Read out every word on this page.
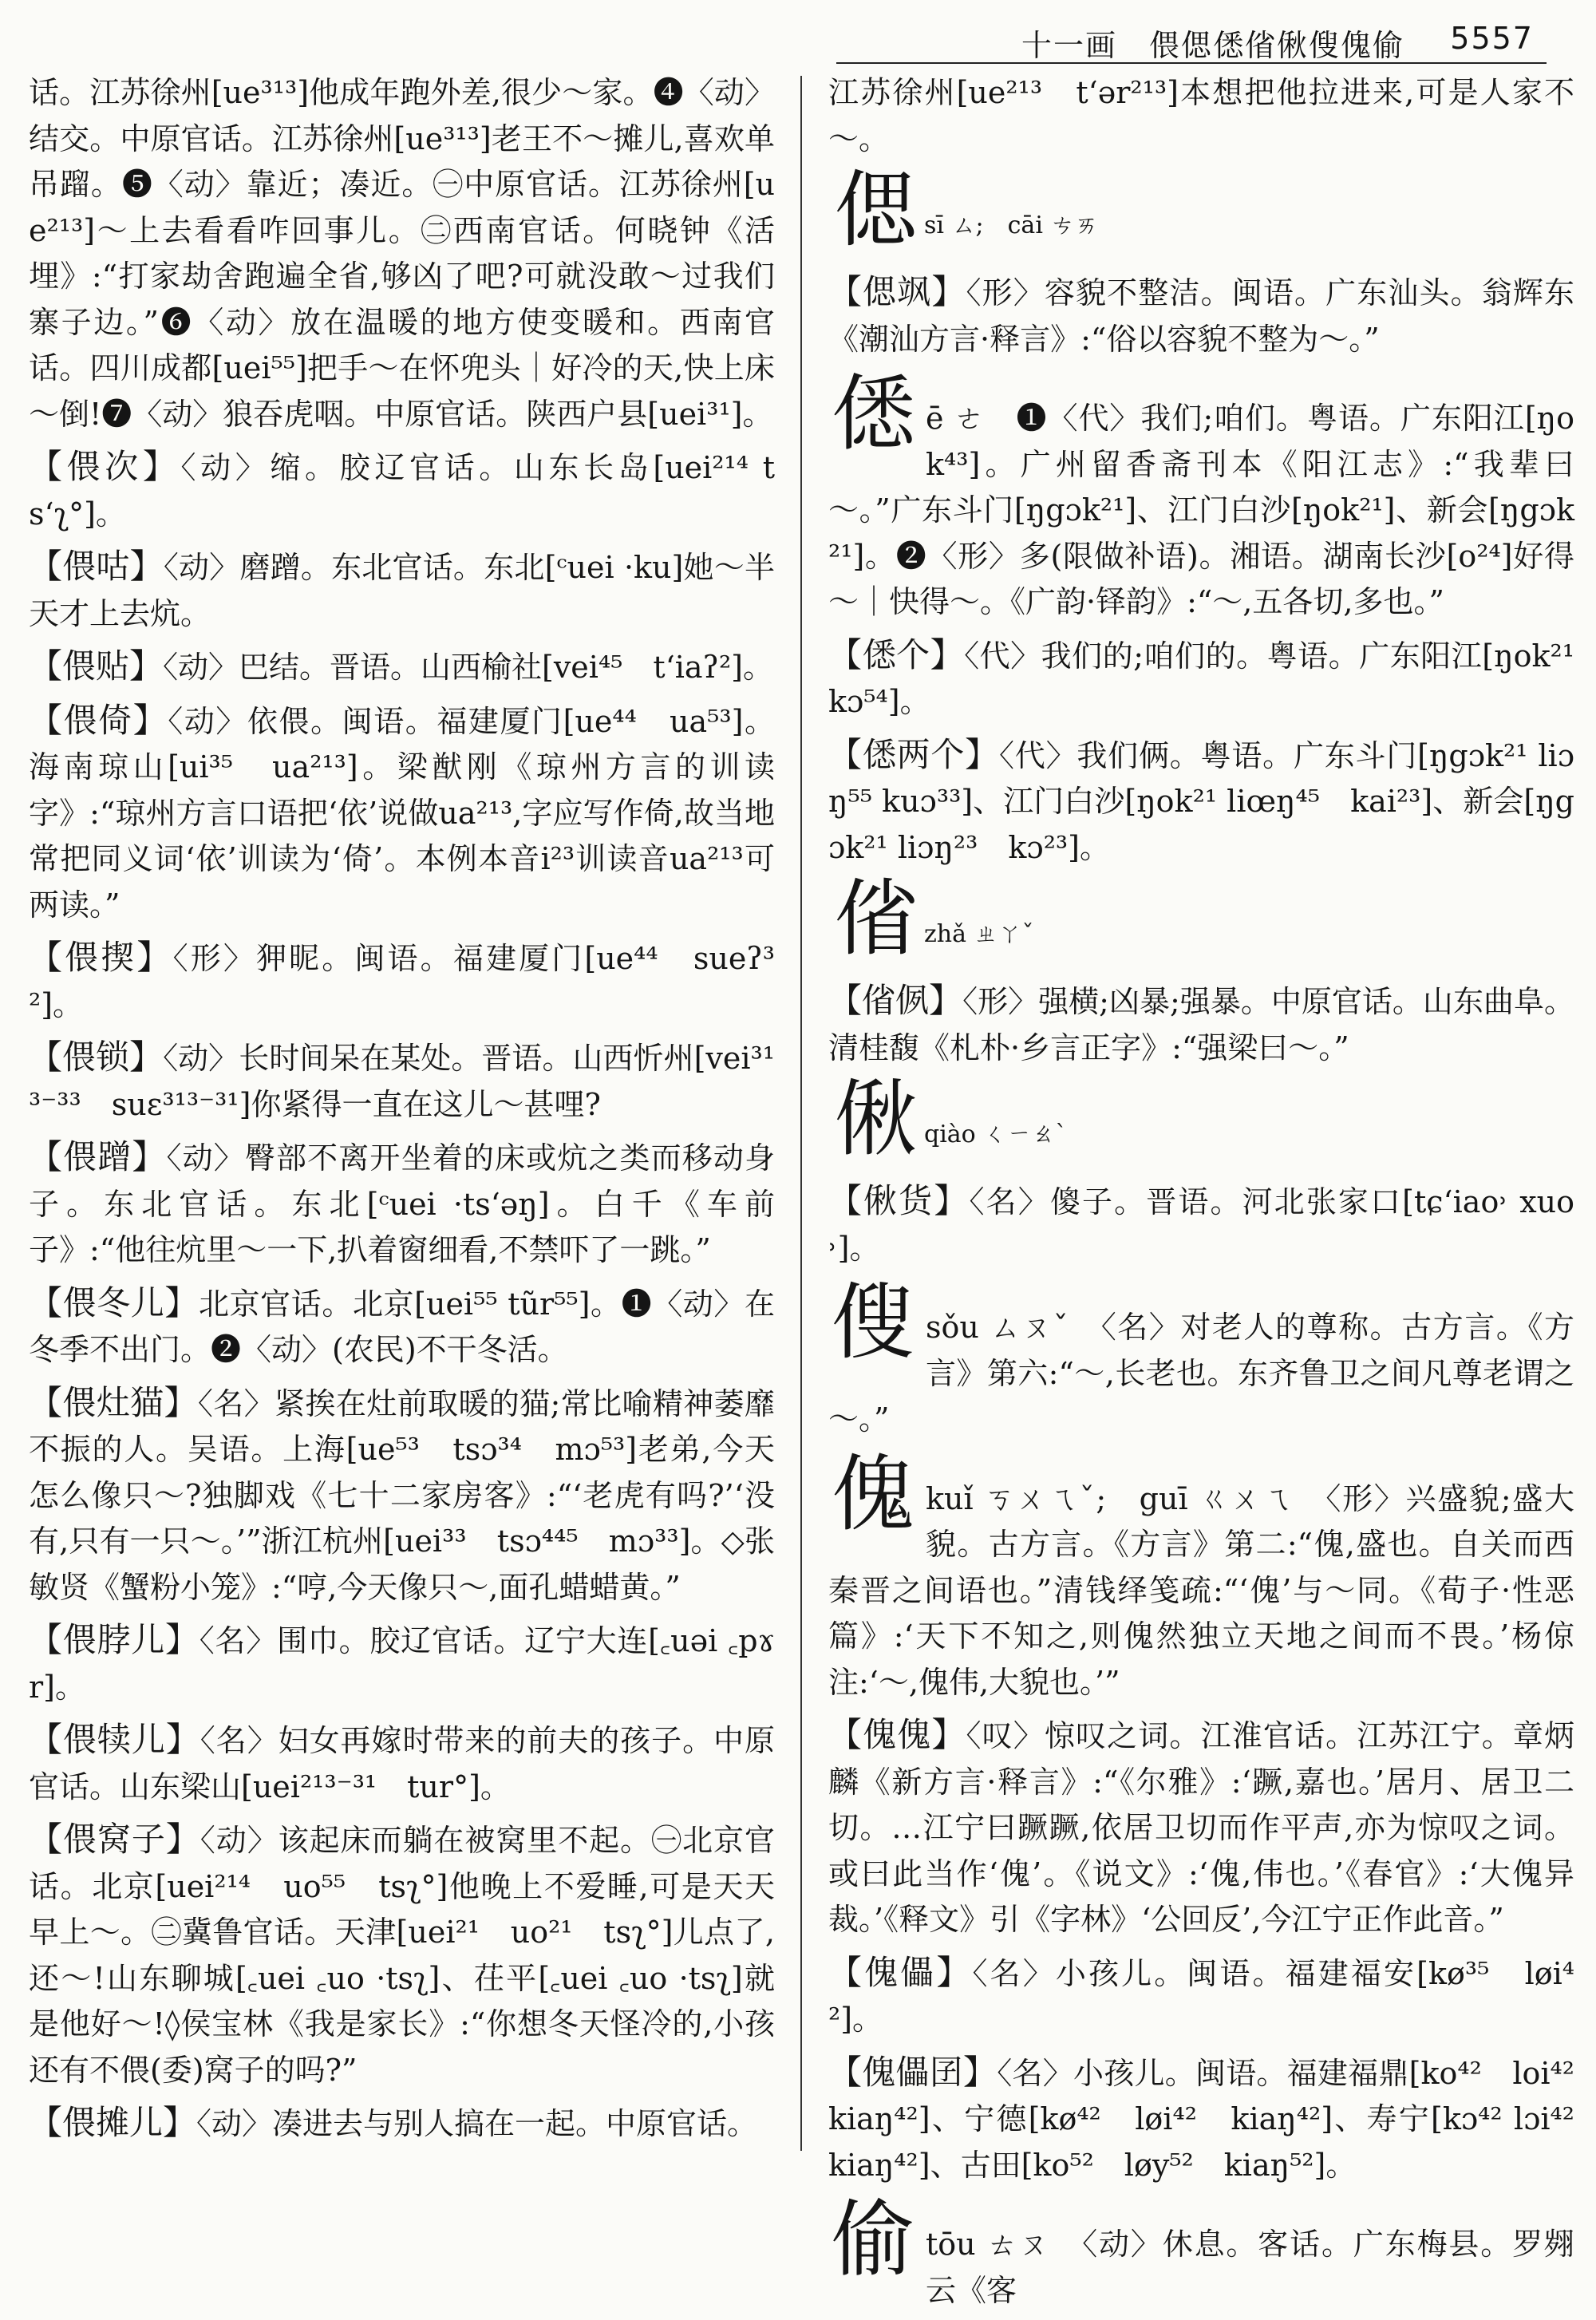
十一画　偎偲僁偗偢傁傀偷 5557

话。江苏徐州[ue³¹³]他成年跑外差,很少～家。❹〈动〉结交。中原官话。江苏徐州[ue³¹³]老王不～摊儿,喜欢单吊蹓。❺〈动〉靠近；凑近。㊀中原官话。江苏徐州[ue²¹³]～上去看看咋回事儿。㊁西南官话。何晓钟《活埋》:“打家劫舍跑遍全省,够凶了吧?可就没敢～过我们寨子边。”❻〈动〉放在温暖的地方使变暖和。西南官话。四川成都[uei⁵⁵]把手～在怀兜头｜好冷的天,快上床～倒!❼〈动〉狼吞虎咽。中原官话。陕西户县[uei³¹]。

【偎次】〈动〉缩。胶辽官话。山东长岛[uei²¹⁴ ts‘ʅ°]。

【偎咕】〈动〉磨蹭。东北官话。东北[ᶜuei ·ku]她～半天才上去炕。

【偎贴】〈动〉巴结。晋语。山西榆社[vei⁴⁵　t‘iaʔ²]。

【偎倚】〈动〉依偎。闽语。福建厦门[ue⁴⁴　ua⁵³]。海南琼山[ui³⁵　ua²¹³]。梁猷刚《琼州方言的训读字》:“琼州方言口语把‘依’说做ua²¹³,字应写作倚,故当地常把同义词‘依’训读为‘倚’。本例本音i²³训读音ua²¹³可两读。”

【偎揳】〈形〉狎昵。闽语。福建厦门[ue⁴⁴　sueʔ³²]。

【偎锁】〈动〉长时间呆在某处。晋语。山西忻州[vei³¹³⁻³³　suɛ³¹³⁻³¹]你紧得一直在这儿～甚哩?

【偎蹭】〈动〉臀部不离开坐着的床或炕之类而移动身子。东北官话。东北[ᶜuei ·ts‘əŋ]。白千《车前子》:“他往炕里～一下,扒着窗细看,不禁吓了一跳。”

【偎冬儿】北京官话。北京[uei⁵⁵ tũr⁵⁵]。❶〈动〉在冬季不出门。❷〈动〉(农民)不干冬活。

【偎灶猫】〈名〉紧挨在灶前取暖的猫;常比喻精神萎靡不振的人。吴语。上海[ue⁵³　tsɔ³⁴　mɔ⁵³]老弟,今天怎么像只～?独脚戏《七十二家房客》:“‘老虎有吗?’‘没有,只有一只～。’”浙江杭州[uei³³　tsɔ⁴⁴⁵　mɔ³³]。◇张敏贤《蟹粉小笼》:“哼,今天像只～,面孔蜡蜡黄。”

【偎脖儿】〈名〉围巾。胶辽官话。辽宁大连[꜀uəi ꜀pɤr]。

【偎犊儿】〈名〉妇女再嫁时带来的前夫的孩子。中原官话。山东梁山[uei²¹³⁻³¹　tur°]。

【偎窝子】〈动〉该起床而躺在被窝里不起。㊀北京官话。北京[uei²¹⁴　uo⁵⁵　tsʅ°]他晚上不爱睡,可是天天早上～。㊁冀鲁官话。天津[uei²¹　uo²¹　tsʅ°]儿点了,还～!山东聊城[꜀uei ꜀uo ·tsʅ]、茌平[꜀uei ꜀uo ·tsʅ]就是他好～!◊侯宝林《我是家长》:“你想冬天怪冷的,小孩还有不偎(委)窝子的吗?”

【偎摊儿】〈动〉凑进去与别人搞在一起。中原官话。

江苏徐州[ue²¹³　t‘ər²¹³]本想把他拉进来,可是人家不～。

偲 sī ㄙ;　cāi ㄘㄞ

【偲飒】〈形〉容貌不整洁。闽语。广东汕头。翁辉东《潮汕方言·释言》:“俗以容貌不整为～。”

僁 ē ㄜ　❶〈代〉我们;咱们。粤语。广东阳江[ŋok⁴³]。广州留香斋刊本《阳江志》:“我辈曰～。”广东斗门[ŋgɔk²¹]、江门白沙[ŋok²¹]、新会[ŋgɔk²¹]。❷〈形〉多(限做补语)。湘语。湖南长沙[o²⁴]好得～｜快得～。《广韵·铎韵》:“～,五各切,多也。”

【僁个】〈代〉我们的;咱们的。粤语。广东阳江[ŋok²¹ kɔ⁵⁴]。

【僁两个】〈代〉我们俩。粤语。广东斗门[ŋgɔk²¹ liɔŋ⁵⁵ kuɔ³³]、江门白沙[ŋok²¹ liœŋ⁴⁵　kai²³]、新会[ŋgɔk²¹ liɔŋ²³　kɔ²³]。

偗 zhǎ ㄓㄚˇ

【偗㑉】〈形〉强横;凶暴;强暴。中原官话。山东曲阜。清桂馥《札朴·乡言正字》:“强梁曰～。”

偢 qiào ㄑㄧㄠˋ

【偢货】〈名〉傻子。晋语。河北张家口[tɕ‘iao˒ xuo˒]。

傁 sǒu ㄙㄡˇ　〈名〉对老人的尊称。古方言。《方言》第六:“～,长老也。东齐鲁卫之间凡尊老谓之～。”
傀 kuǐ ㄎㄨㄟˇ;　guī ㄍㄨㄟ　〈形〉兴盛貌;盛大貌。古方言。《方言》第二:“傀,盛也。自关而西秦晋之间语也。”清钱绎笺疏:“‘傀’与～同。《荀子·性恶篇》:‘天下不知之,则傀然独立天地之间而不畏。’杨倞注:‘～,傀伟,大貌也。’”

【傀傀】〈叹〉惊叹之词。江淮官话。江苏江宁。章炳麟《新方言·释言》:“《尔雅》:‘蹶,嘉也。’居月、居卫二切。…江宁曰蹶蹶,依居卫切而作平声,亦为惊叹之词。或曰此当作‘傀’。《说文》:‘傀,伟也。’《春官》:‘大傀异裁。’《释文》引《字林》‘公回反’,今江宁正作此音。”

【傀儡】〈名〉小孩儿。闽语。福建福安[kø³⁵　løi⁴²]。

【傀儡囝】〈名〉小孩儿。闽语。福建福鼎[ko⁴²　loi⁴² kiaŋ⁴²]、宁德[kø⁴²　løi⁴²　kiaŋ⁴²]、寿宁[kɔ⁴² lɔi⁴² kiaŋ⁴²]、古田[ko⁵²　løy⁵²　kiaŋ⁵²]。

偷 tōu ㄊㄡ　〈动〉休息。客话。广东梅县。罗翙云《客
